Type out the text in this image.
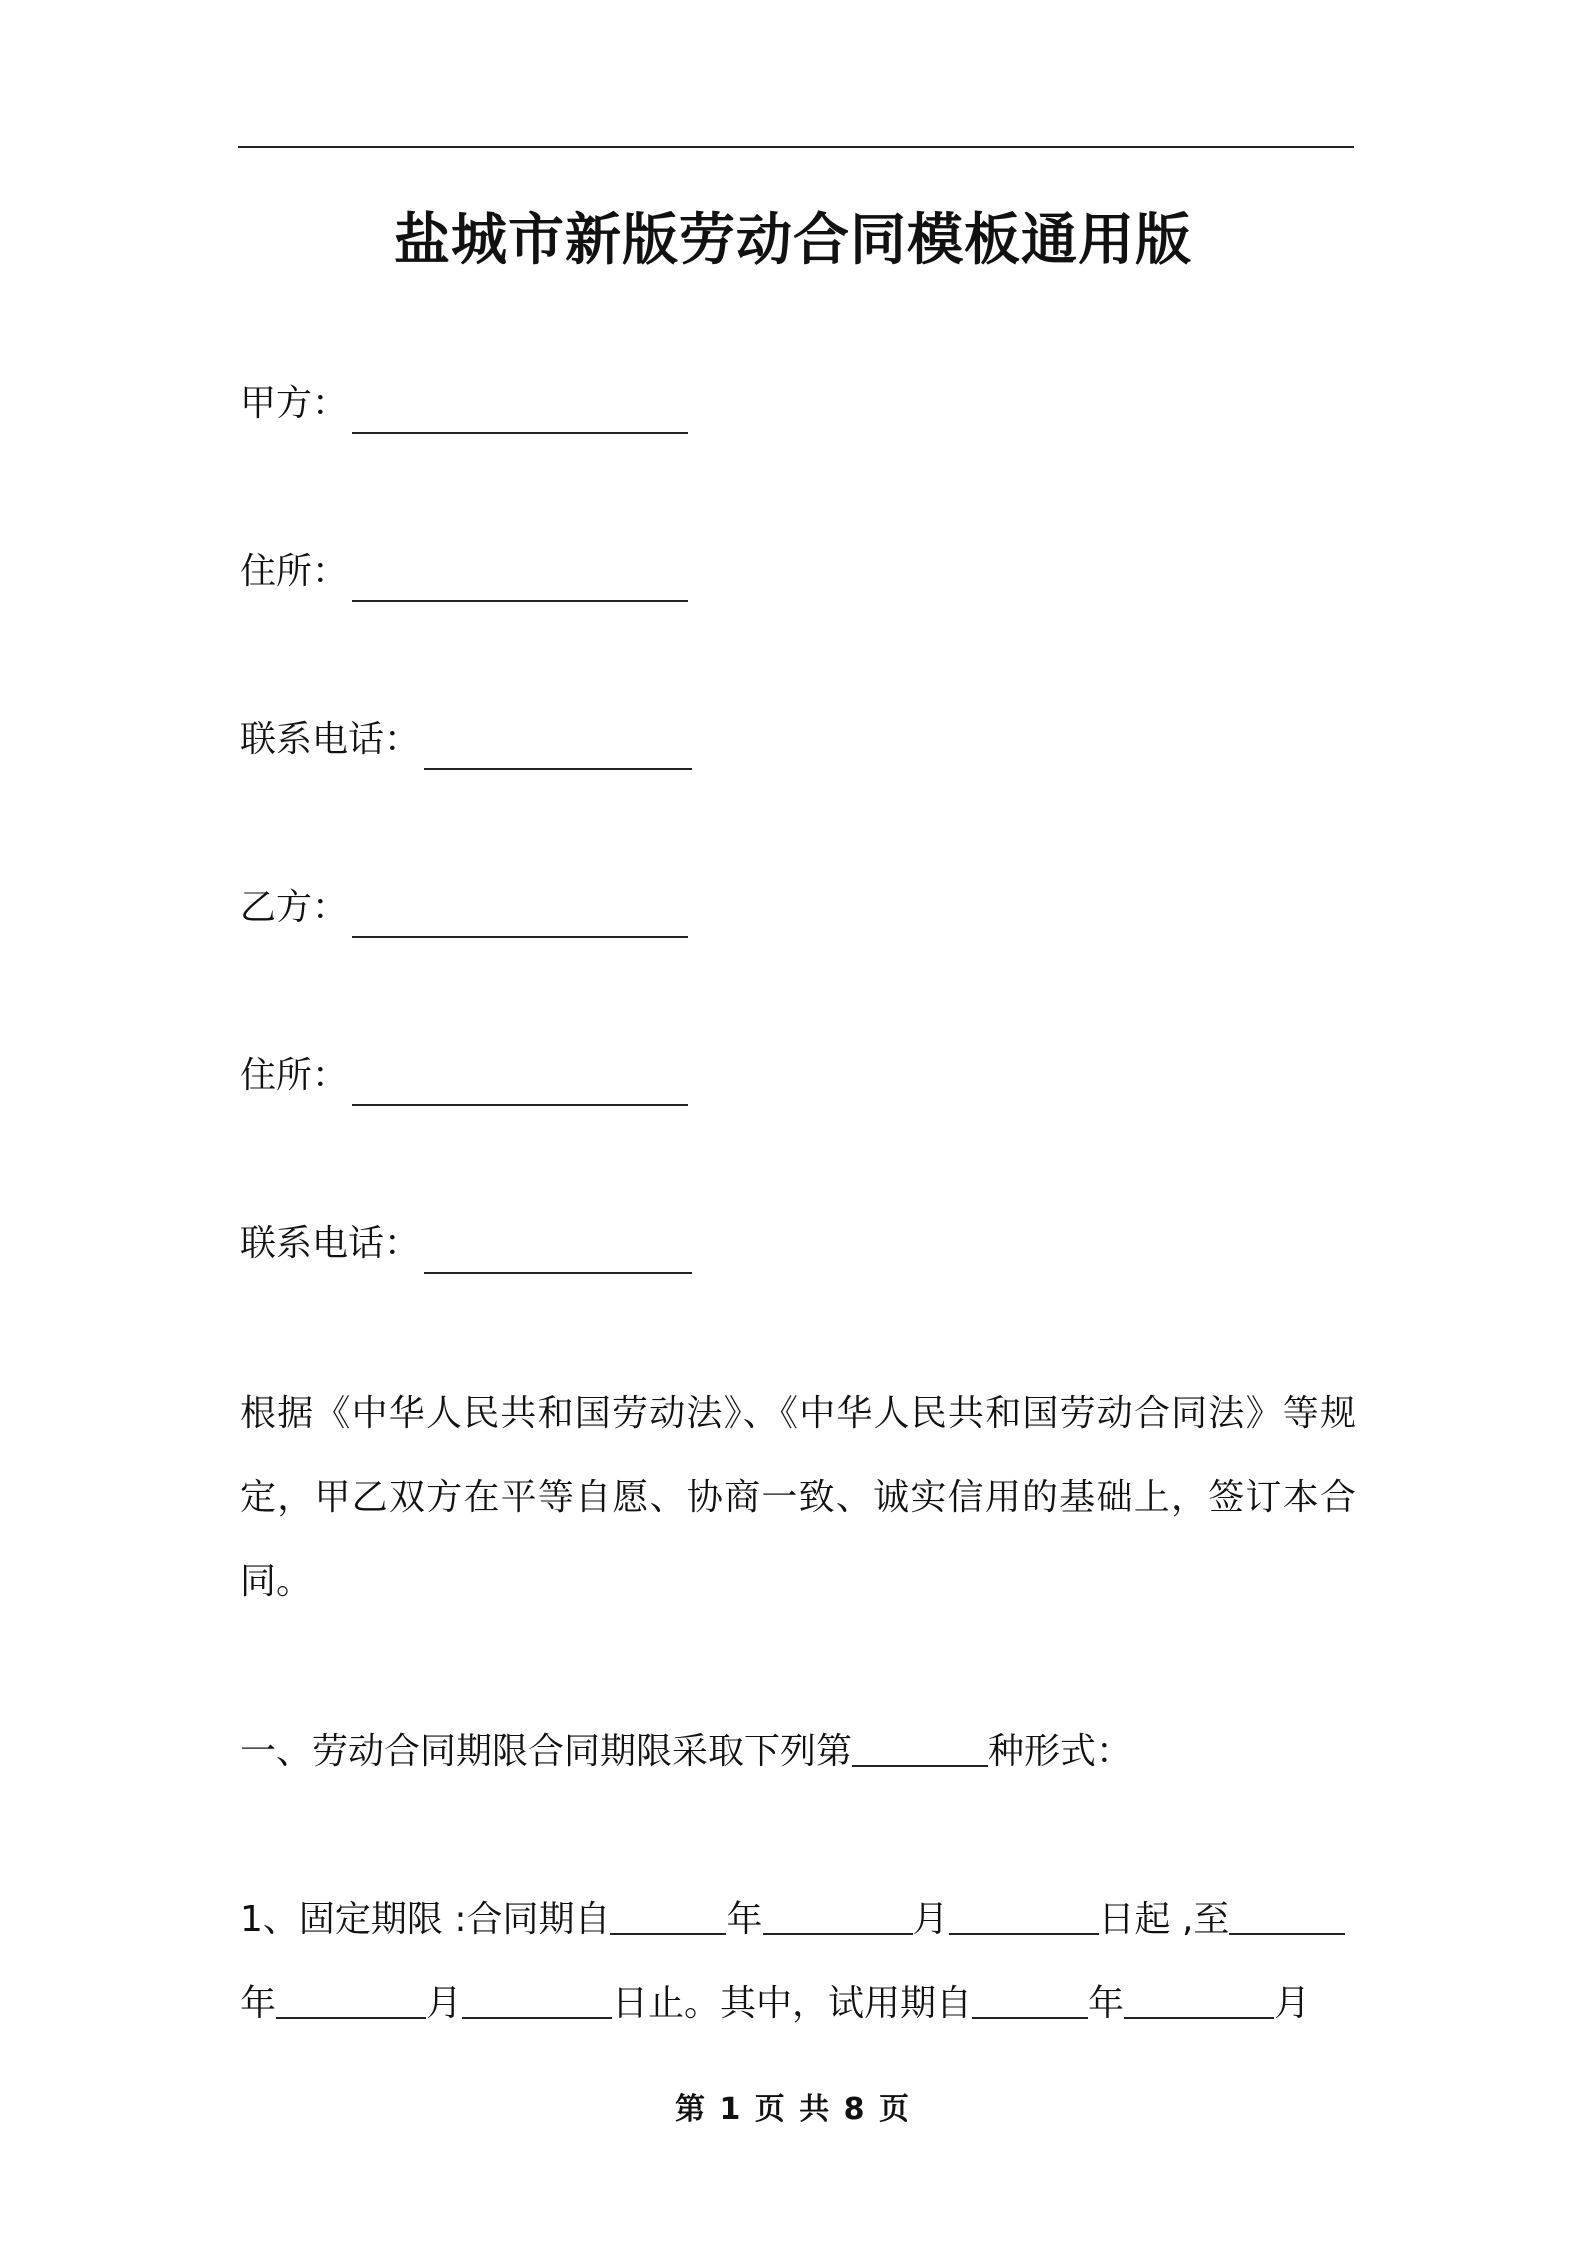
盐城市新版劳动合同模板通用版
甲方：
住所：
联系电话：
乙方：
住所：
联系电话：
根据《中华人民共和国劳动法》、《中华人民共和国劳动合同法》等规定，甲乙双方在平等自愿、协商一致、诚实信用的基础上，签订本合同。
一、劳动合同期限合同期限采取下列第	种形式：
1、固定期限 :合同期自	年	月	日起 ,至
年	月	日止。其中，试用期自	年	月
第 1 页 共 8 页
